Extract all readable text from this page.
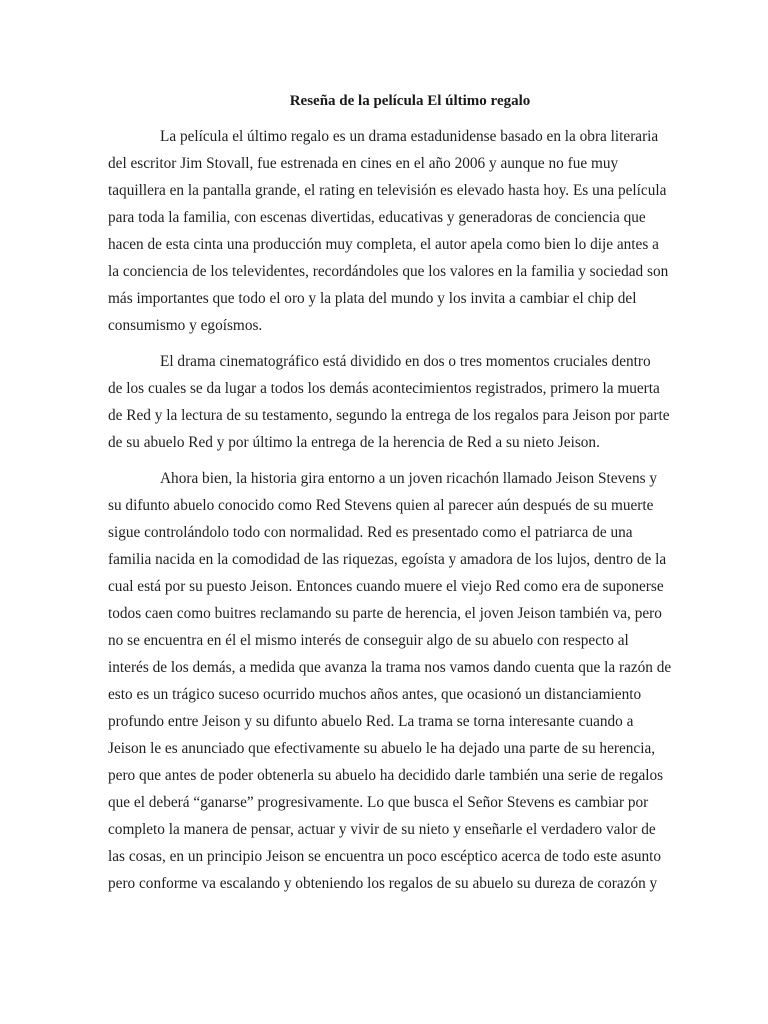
Reseña de la película El último regalo

La película el último regalo es un drama estadunidense basado en la obra literaria

del escritor Jim Stovall, fue estrenada en cines en el año 2006 y aunque no fue muy

taquillera en la pantalla grande, el rating en televisión es elevado hasta hoy. Es una película

para toda la familia, con escenas divertidas, educativas y generadoras de conciencia que

hacen de esta cinta una producción muy completa, el autor apela como bien lo dije antes a

la conciencia de los televidentes, recordándoles que los valores en la familia y sociedad son

más importantes que todo el oro y la plata del mundo y los invita a cambiar el chip del

consumismo y egoísmos.

El drama cinematográfico está dividido en dos o tres momentos cruciales dentro

de los cuales se da lugar a todos los demás acontecimientos registrados, primero la muerta

de Red y la lectura de su testamento, segundo la entrega de los regalos para Jeison por parte

de su abuelo Red y por último la entrega de la herencia de Red a su nieto Jeison.

Ahora bien, la historia gira entorno a un joven ricachón llamado Jeison Stevens y

su difunto abuelo conocido como Red Stevens quien al parecer aún después de su muerte

sigue controlándolo todo con normalidad. Red es presentado como el patriarca de una

familia nacida en la comodidad de las riquezas, egoísta y amadora de los lujos, dentro de la

cual está por su puesto Jeison. Entonces cuando muere el viejo Red como era de suponerse

todos caen como buitres reclamando su parte de herencia, el joven Jeison también va, pero

no se encuentra en él el mismo interés de conseguir algo de su abuelo con respecto al

interés de los demás, a medida que avanza la trama nos vamos dando cuenta que la razón de

esto es un trágico suceso ocurrido muchos años antes, que ocasionó un distanciamiento

profundo entre Jeison y su difunto abuelo Red. La trama se torna interesante cuando a

Jeison le es anunciado que efectivamente su abuelo le ha dejado una parte de su herencia,

pero que antes de poder obtenerla su abuelo ha decidido darle también una serie de regalos

que el deberá “ganarse” progresivamente. Lo que busca el Señor Stevens es cambiar por

completo la manera de pensar, actuar y vivir de su nieto y enseñarle el verdadero valor de

las cosas, en un principio Jeison se encuentra un poco escéptico acerca de todo este asunto

pero conforme va escalando y obteniendo los regalos de su abuelo su dureza de corazón y
